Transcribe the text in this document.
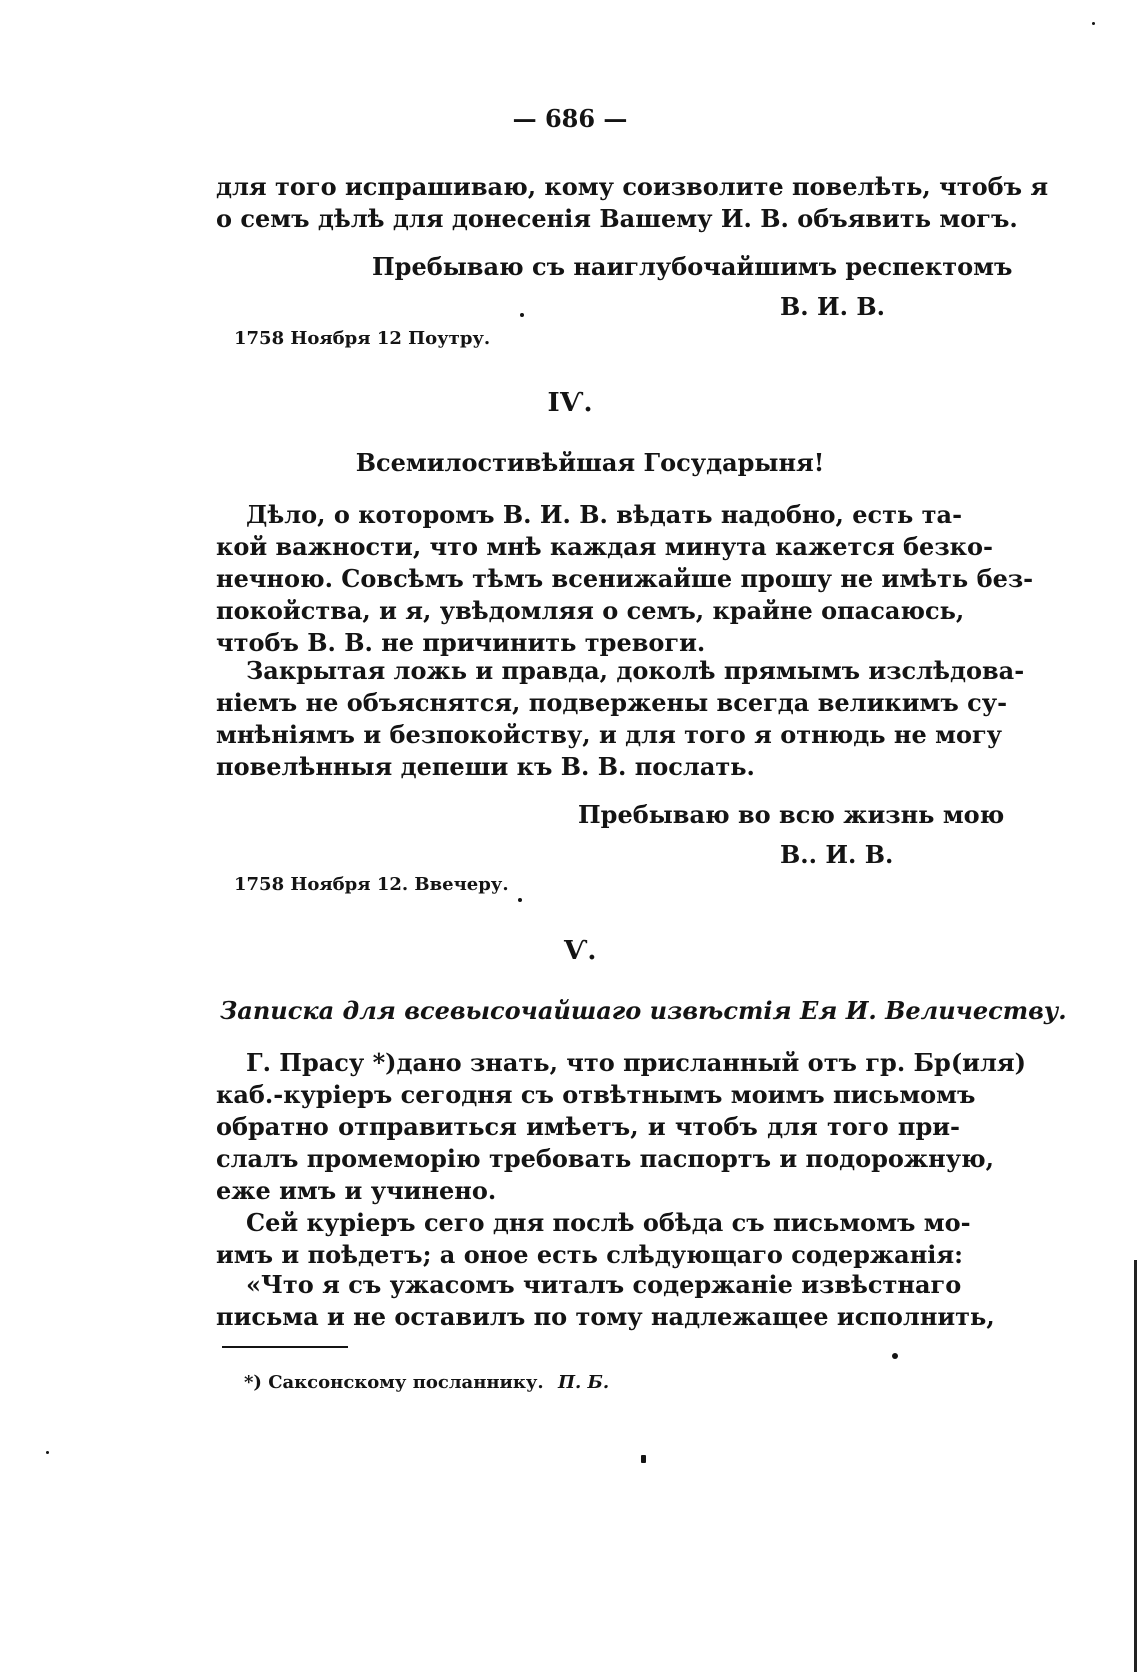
— 686 —
для того испрашиваю, кому соизволите повелѣть, чтобъ я
о семъ дѣлѣ для донесенія Вашему И. В. объявить могъ.
Пребываю съ наиглубочайшимъ респектомъ
В. И. В.
1758 Ноября 12 Поутру.
IѴ.
Всемилостивѣйшая Государыня!
Дѣло, о которомъ В. И. В. вѣдать надобно, есть та-
кой важности, что мнѣ каждая минута кажется безко-
нечною. Совсѣмъ тѣмъ всенижайше прошу не имѣть без-
покойства, и я, увѣдомляя о семъ, крайне опасаюсь,
чтобъ В. В. не причинить тревоги.
Закрытая ложь и правда, доколѣ прямымъ изслѣдова-
ніемъ не объяснятся, подвержены всегда великимъ су-
мнѣніямъ и безпокойству, и для того я отнюдь не могу
повелѣнныя депеши къ В. В. послать.
Пребываю во всю жизнь мою
В.. И. В.
1758 Ноября 12. Ввечеру.
Ѵ.
Записка для всевысочайшаго извѣстія Ея И. Величеству.
Г. Прасу *)дано знать, что присланный отъ гр. Бр(иля)
каб.-куріеръ сегодня съ отвѣтнымъ моимъ письмомъ
обратно отправиться имѣетъ, и чтобъ для того при-
слалъ промеморію требовать паспортъ и подорожную,
еже имъ и учинено.
Сей куріеръ сего дня послѣ обѣда съ письмомъ мо-
имъ и поѣдетъ; а оное есть слѣдующаго содержанія:
«Что я съ ужасомъ читалъ содержаніе извѣстнаго
письма и не оставилъ по тому надлежащее исполнить,
*) Саксонскому посланнику. П. Б.
